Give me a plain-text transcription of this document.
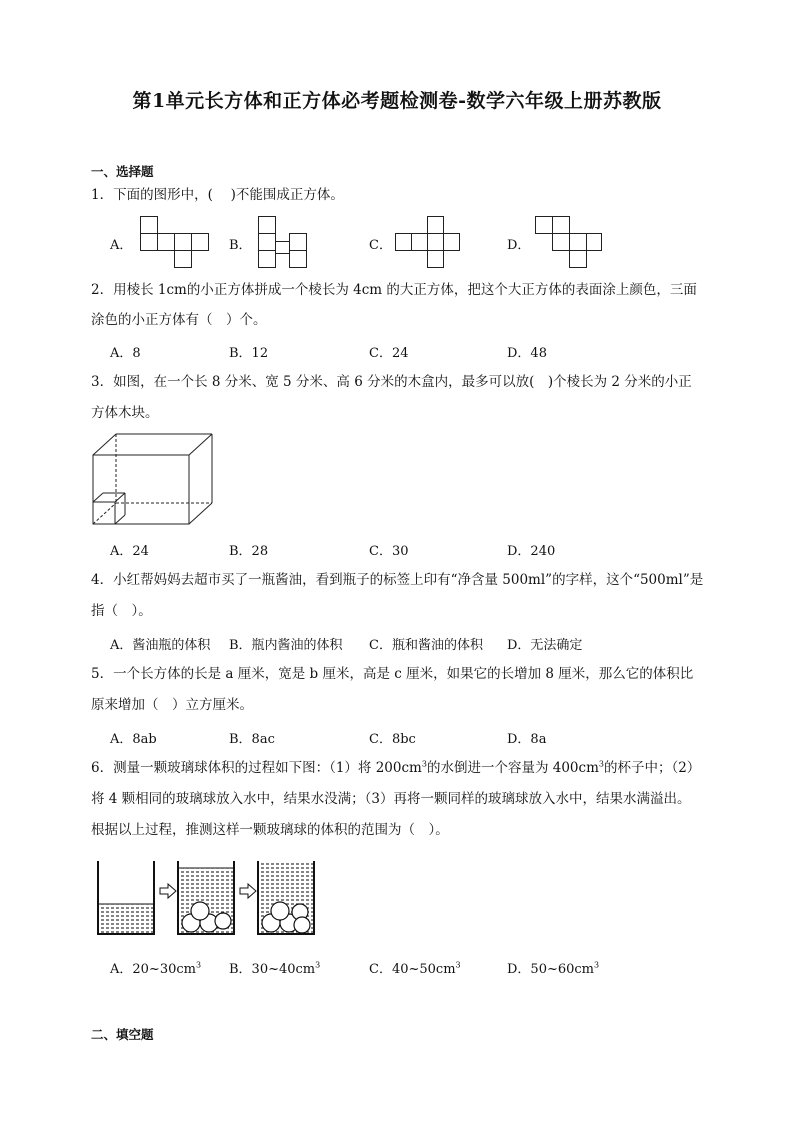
第1单元长方体和正方体必考题检测卷-数学六年级上册苏教版
一、选择题
1．下面的图形中，(　 )不能围成正方体。
A．	B．	C．	D．
2．用棱长 1cm的小正方体拼成一个棱长为 4cm 的大正方体，把这个大正方体的表面涂上颜色，三面
涂色的小正方体有（　）个。
A．8	B．12	C．24	D．48
3．如图，在一个长 8 分米、宽 5 分米、高 6 分米的木盒内，最多可以放(　)个棱长为 2 分米的小正
方体木块。
A．24	B．28	C．30	D．240
4．小红帮妈妈去超市买了一瓶酱油，看到瓶子的标签上印有“净含量 500ml”的字样，这个“500ml”是
指（　）。
A．酱油瓶的体积 B．瓶内酱油的体积 C．瓶和酱油的体积 D．无法确定
5．一个长方体的长是 a 厘米，宽是 b 厘米，高是 c 厘米，如果它的长增加 8 厘米，那么它的体积比
原来增加（　）立方厘米。
A．8ab	B．8ac	C．8bc	D．8a
6．测量一颗玻璃球体积的过程如下图：（1）将 $200cm^3$的水倒进一个容量为 $400cm^3$的杯子中；（2）
将 4 颗相同的玻璃球放入水中，结果水没满；（3）再将一颗同样的玻璃球放入水中，结果水满溢出。
根据以上过程，推测这样一颗玻璃球的体积的范围为（　）。
A．$20\sim 30cm^3$ B．$30\sim 40cm^3$	C．$40\sim 50cm^3$	D．$50\sim 60cm^3$
二、填空题
